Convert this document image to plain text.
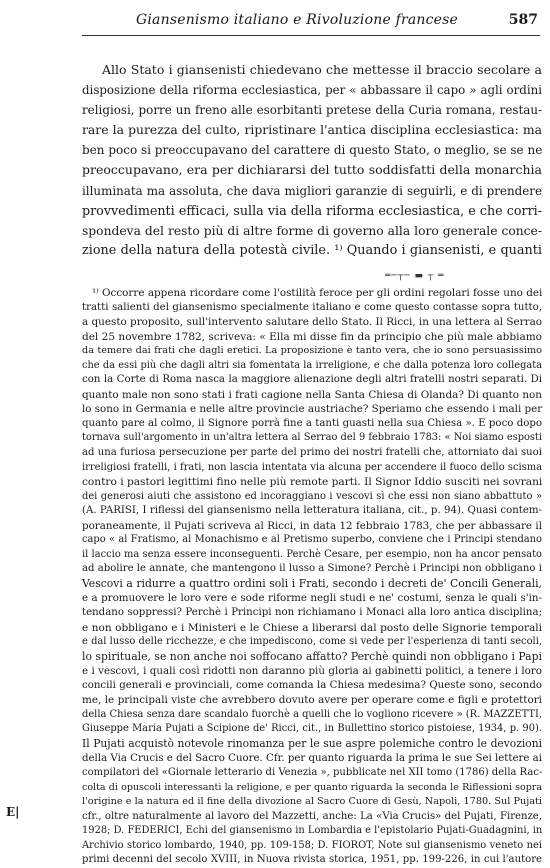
Giansenismo italiano e Rivoluzione francese	587
Allo Stato i giansenisti chiedevano che mettesse il braccio secolare a
disposizione della riforma ecclesiastica, per « abbassare il capo » agli ordini
religiosi, porre un freno alle esorbitanti pretese della Curia romana, restau-
rare la purezza del culto, ripristinare l'antica disciplina ecclesiastica: ma
ben poco si preoccupavano del carattere di questo Stato, o meglio, se se ne
preoccupavano, era per dichiararsi del tutto soddisfatti della monarchia
illuminata ma assoluta, che dava migliori garanzie di seguirli, e di prendere
provvedimenti efficaci, sulla via della riforma ecclesiastica, e che corri-
spondeva del resto più di altre forme di governo alla loro generale conce-
zione della natura della potestà civile. ¹⁾ Quando i giansenisti, e quanti
═─┬─ ▬ ┬ ═
¹⁾ Occorre appena ricordare come l'ostilità feroce per gli ordini regolari fosse uno dei
tratti salienti del giansenismo specialmente italiano e come questo contasse sopra tutto,
a questo proposito, sull'intervento salutare dello Stato. Il Ricci, in una lettera al Serrao
del 25 novembre 1782, scriveva: « Ella mi disse fin da principio che più male abbiamo
da temere dai frati che dagli eretici. La proposizione è tanto vera, che io sono persuasissimo
che da essi più che dagli altri sia fomentata la irreligione, e che dalla potenza loro collegata
con la Corte di Roma nasca la maggiore alienazione degli altri fratelli nostri separati. Di
quanto male non sono stati i frati cagione nella Santa Chiesa di Olanda? Di quanto non
lo sono in Germania e nelle altre provincie austriache? Speriamo che essendo i mali per
quanto pare al colmo, il Signore porrà fine a tanti guasti nella sua Chiesa ». E poco dopo
tornava sull'argomento in un'altra lettera al Serrao del 9 febbraio 1783: « Noi siamo esposti
ad una furiosa persecuzione per parte del primo dei nostri fratelli che, attorniato dai suoi
irreligiosi fratelli, i frati, non lascia intentata via alcuna per accendere il fuoco dello scisma
contro i pastori legittimi fino nelle più remote parti. Il Signor Iddio susciti nei sovrani
dei generosi aiuti che assistono ed incoraggiano i vescovi sì che essi non siano abbattuto »
(A. PARISI, I riflessi del giansenismo nella letteratura italiana, cit., p. 94). Quasi contem-
poraneamente, il Pujati scriveva al Ricci, in data 12 febbraio 1783, che per abbassare il
capo « al Fratismo, al Monachismo e al Pretismo superbo, conviene che i Principi stendano
il laccio ma senza essere inconseguenti. Perchè Cesare, per esempio, non ha ancor pensato
ad abolire le annate, che mantengono il lusso a Simone? Perchè i Principi non obbligano i
Vescovi a ridurre a quattro ordini soli i Frati, secondo i decreti de' Concili Generali,
e a promuovere le loro vere e sode riforme negli studi e ne' costumi, senza le quali s'in-
tendano soppressi? Perchè i Principi non richiamano i Monaci alla loro antica disciplina;
e non obbligano e i Ministeri e le Chiese a liberarsi dal posto delle Signorie temporali
e dal lusso delle ricchezze, e che impediscono, come si vede per l'esperienza di tanti secoli,
lo spirituale, se non anche noi soffocano affatto? Perchè quindi non obbligano i Papi
e i vescovi, i quali così ridotti non daranno più gloria ai gabinetti politici, a tenere i loro
concili generali e provinciali, come comanda la Chiesa medesima? Queste sono, secondo
me, le principali viste che avrebbero dovuto avere per operare come e figli e protettori
della Chiesa senza dare scandalo fuorchè a quelli che lo vogliono ricevere » (R. MAZZETTI,
Giuseppe Maria Pujati a Scipione de' Ricci, cit., in Bullettino storico pistoiese, 1934, p. 90).
Il Pujati acquistò notevole rinomanza per le sue aspre polemiche contro le devozioni
della Via Crucis e del Sacro Cuore. Cfr. per quanto riguarda la prima le sue Sei lettere ai
compilatori del «Giornale letterario di Venezia », pubblicate nel XII tomo (1786) della Rac-
colta di opuscoli interessanti la religione, e per quanto riguarda la seconda le Riflessioni sopra
l'origine e la natura ed il fine della divozione al Sacro Cuore di Gesù, Napoli, 1780. Sul Pujati
cfr., oltre naturalmente al lavoro del Mazzetti, anche: La «Via Crucis» del Pujati, Firenze,
1928; D. FEDERICI, Echi del giansenismo in Lombardia e l'epistolario Pujati-Guadagnini, in
Archivio storico lombardo, 1940, pp. 109-158; D. FIOROT, Note sul giansenismo veneto nei
primi decenni del secolo XVIII, in Nuova rivista storica, 1951, pp. 199-226, in cui l'autore
E|
